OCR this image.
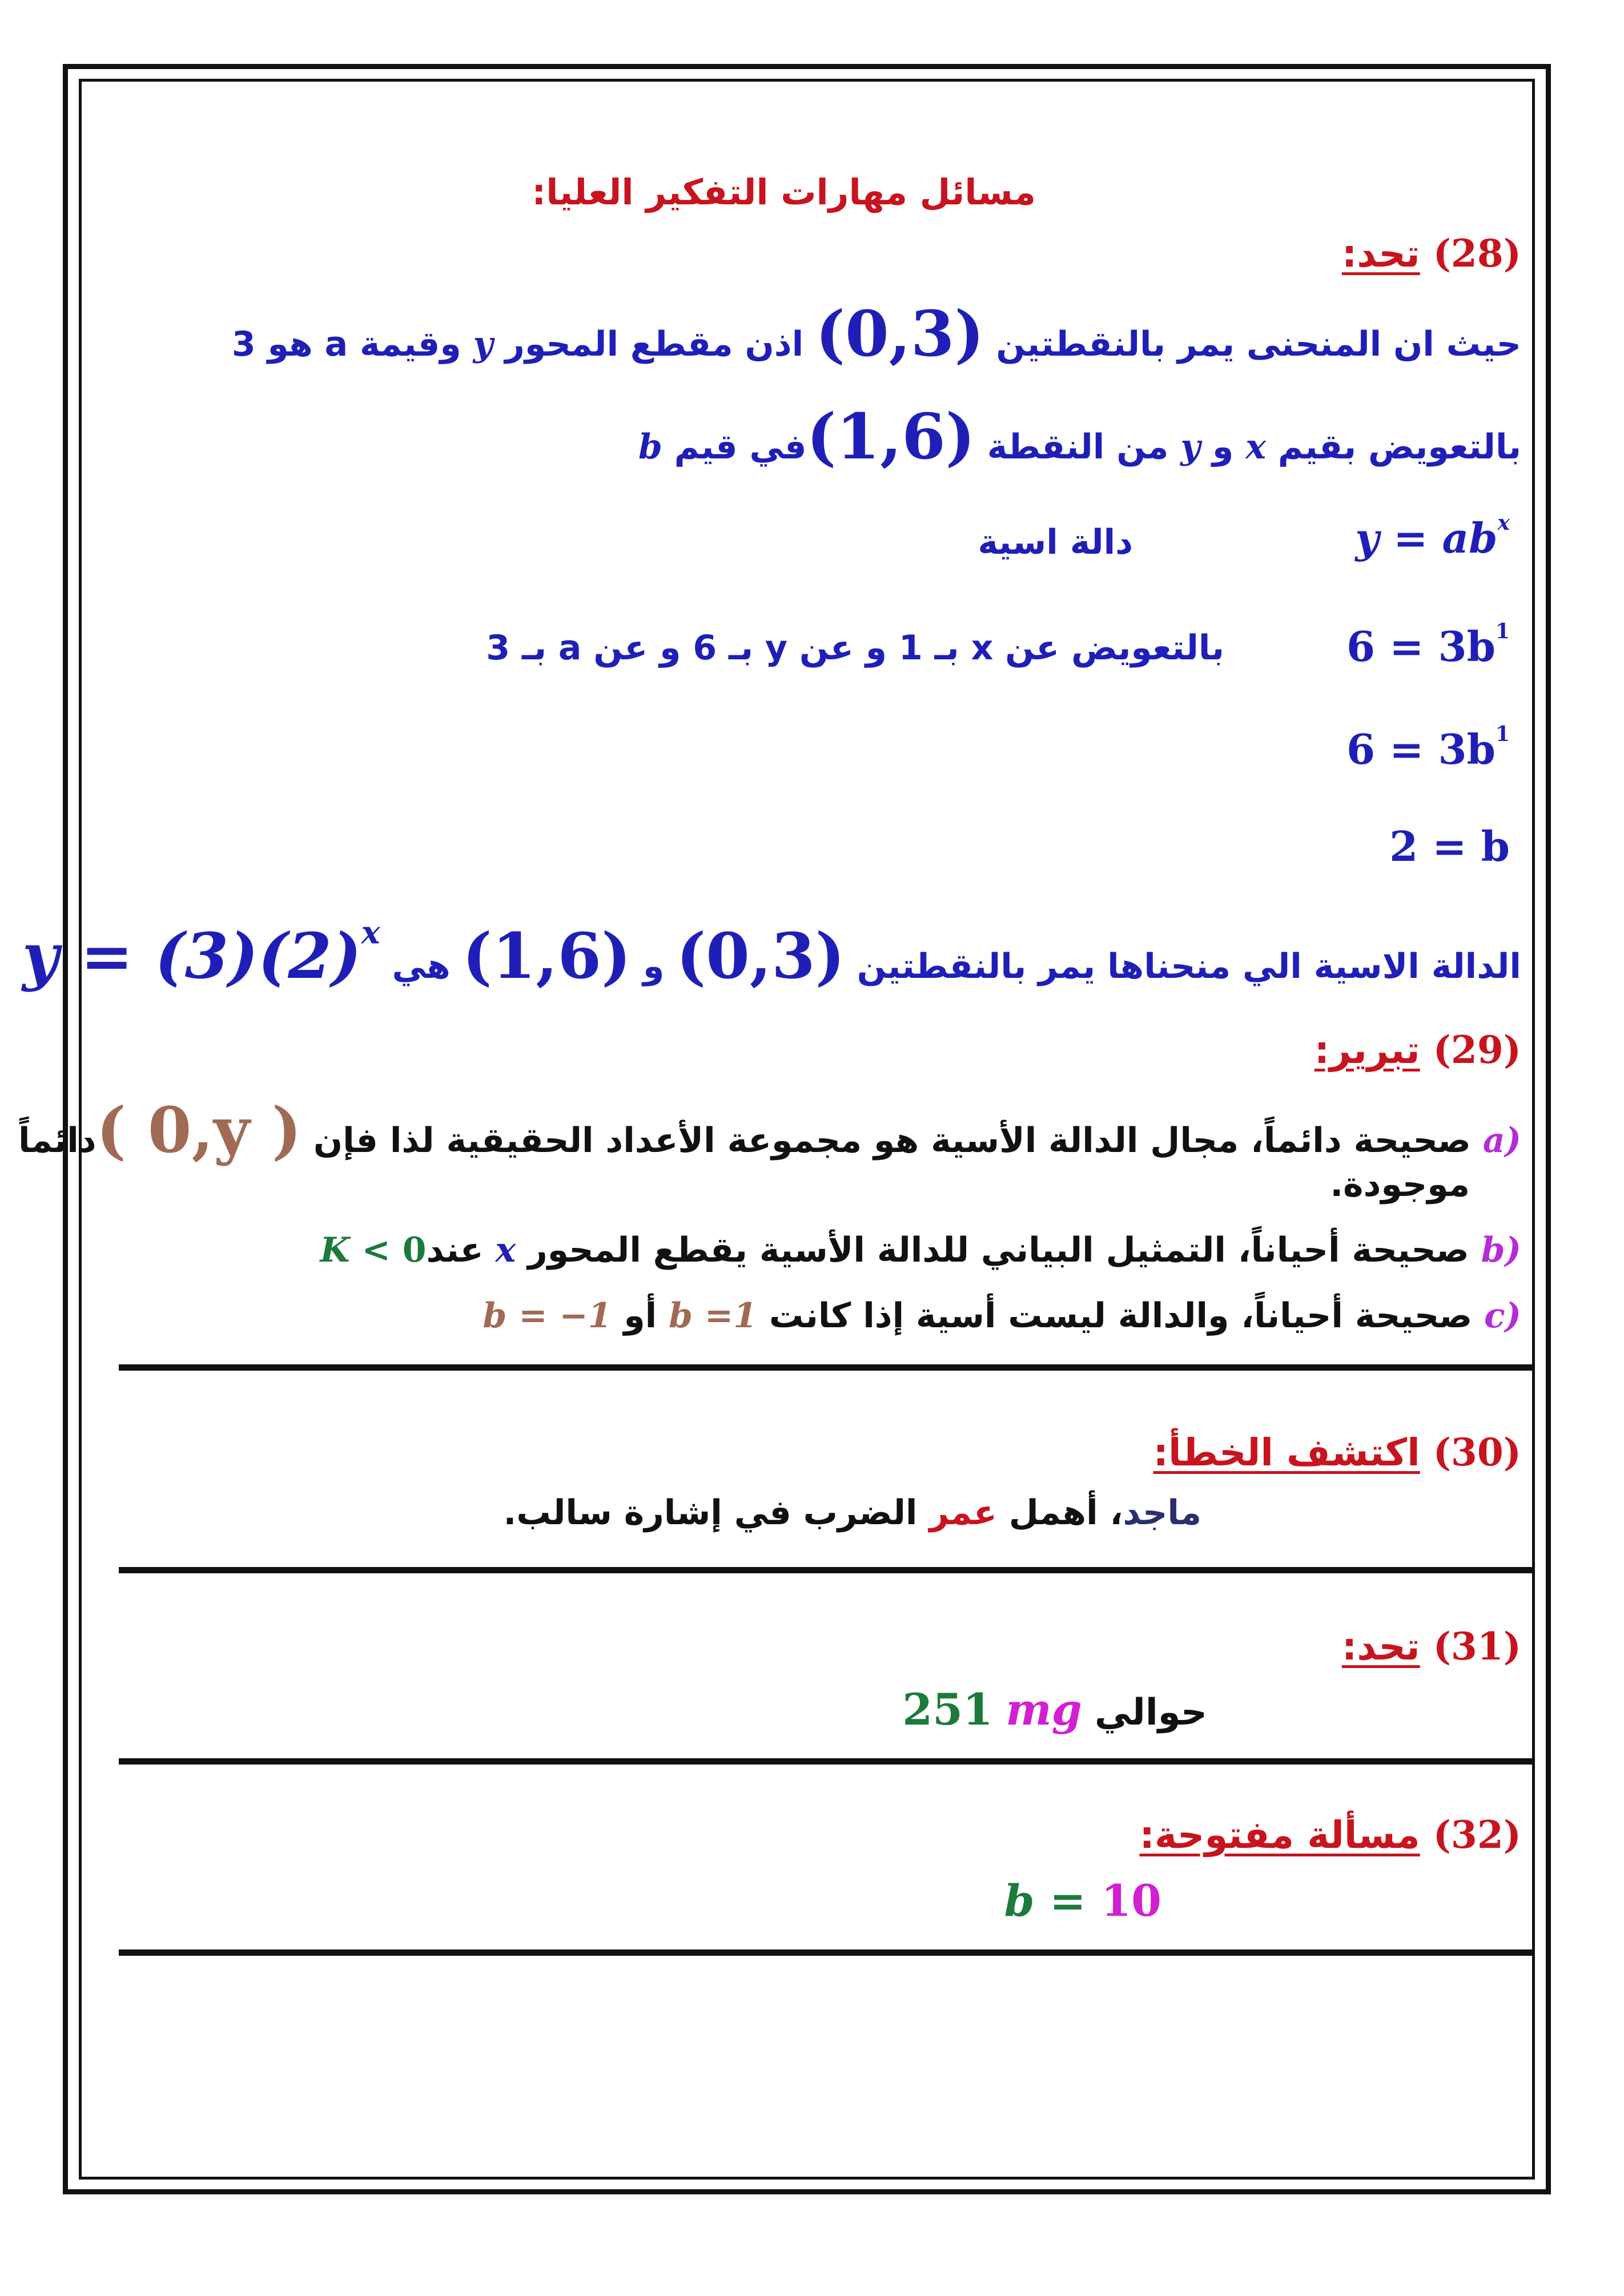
مسائل مهارات التفكير العليا:
(28) تحد:
حيث ان المنحنى يمر بالنقطتين (0,3) اذن مقطع المحور y وقيمة a هو 3
بالتعويض بقيم x و y من النقطة (1,6)في قيم b
دالة اسية	$y = ab^x$
بالتعويض عن x بـ 1 و عن y بـ 6 و عن a بـ 3	$6 = 3b^1$
$6 = 3b^1$
2 = b
الدالة الاسية الي منحناها يمر بالنقطتين (0,3) و (1,6) هي $y = (3)(2)^x$
(29) تبرير:
a) صحيحة دائماً، مجال الدالة الأسية هو مجموعة الأعداد الحقيقية لذا فإن ( 0,y )دائماً
موجودة.
b) صحيحة أحياناً، التمثيل البياني للدالة الأسية يقطع المحور x عند0 K <
c) صحيحة أحياناً، والدالة ليست أسية إذا كانت b =1 أو b = −1
(30) اكتشف الخطأ:
ماجد، أهمل عمر الضرب في إشارة سالب.
(31) تحد:
حوالي mg 251
(32) مسألة مفتوحة:
b = 10
